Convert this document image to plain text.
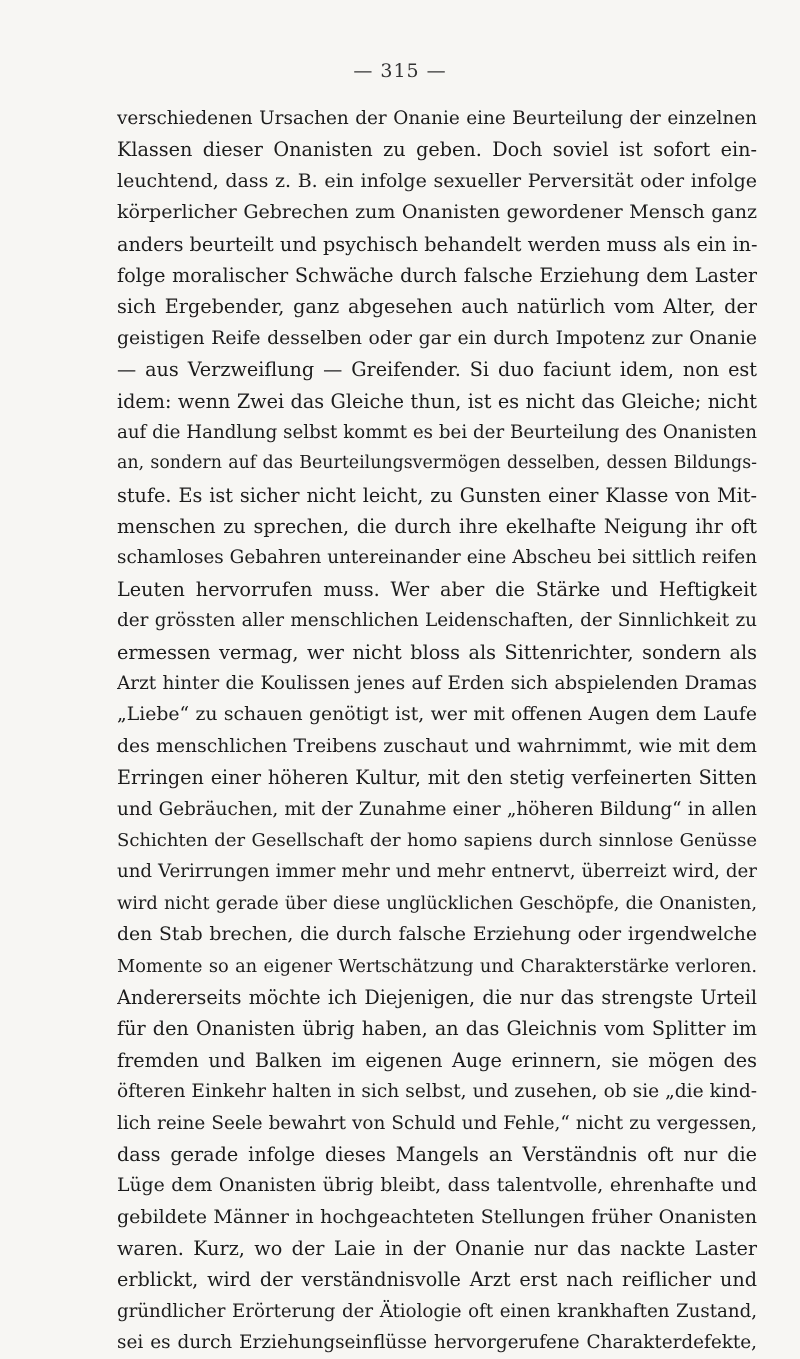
— 315 —
verschiedenen Ursachen der Onanie eine Beurteilung der einzelnen
Klassen dieser Onanisten zu geben. Doch soviel ist sofort ein-
leuchtend, dass z. B. ein infolge sexueller Perversität oder infolge
körperlicher Gebrechen zum Onanisten gewordener Mensch ganz
anders beurteilt und psychisch behandelt werden muss als ein in-
folge moralischer Schwäche durch falsche Erziehung dem Laster
sich Ergebender, ganz abgesehen auch natürlich vom Alter, der
geistigen Reife desselben oder gar ein durch Impotenz zur Onanie
— aus Verzweiflung — Greifender. Si duo faciunt idem, non est
idem: wenn Zwei das Gleiche thun, ist es nicht das Gleiche; nicht
auf die Handlung selbst kommt es bei der Beurteilung des Onanisten
an, sondern auf das Beurteilungsvermögen desselben, dessen Bildungs-
stufe. Es ist sicher nicht leicht, zu Gunsten einer Klasse von Mit-
menschen zu sprechen, die durch ihre ekelhafte Neigung ihr oft
schamloses Gebahren untereinander eine Abscheu bei sittlich reifen
Leuten hervorrufen muss. Wer aber die Stärke und Heftigkeit
der grössten aller menschlichen Leidenschaften, der Sinnlichkeit zu
ermessen vermag, wer nicht bloss als Sittenrichter, sondern als
Arzt hinter die Koulissen jenes auf Erden sich abspielenden Dramas
„Liebe“ zu schauen genötigt ist, wer mit offenen Augen dem Laufe
des menschlichen Treibens zuschaut und wahrnimmt, wie mit dem
Erringen einer höheren Kultur, mit den stetig verfeinerten Sitten
und Gebräuchen, mit der Zunahme einer „höheren Bildung“ in allen
Schichten der Gesellschaft der homo sapiens durch sinnlose Genüsse
und Verirrungen immer mehr und mehr entnervt, überreizt wird, der
wird nicht gerade über diese unglücklichen Geschöpfe, die Onanisten,
den Stab brechen, die durch falsche Erziehung oder irgendwelche
Momente so an eigener Wertschätzung und Charakterstärke verloren.
Andererseits möchte ich Diejenigen, die nur das strengste Urteil
für den Onanisten übrig haben, an das Gleichnis vom Splitter im
fremden und Balken im eigenen Auge erinnern, sie mögen des
öfteren Einkehr halten in sich selbst, und zusehen, ob sie „die kind-
lich reine Seele bewahrt von Schuld und Fehle,“ nicht zu vergessen,
dass gerade infolge dieses Mangels an Verständnis oft nur die
Lüge dem Onanisten übrig bleibt, dass talentvolle, ehrenhafte und
gebildete Männer in hochgeachteten Stellungen früher Onanisten
waren. Kurz, wo der Laie in der Onanie nur das nackte Laster
erblickt, wird der verständnisvolle Arzt erst nach reiflicher und
gründlicher Erörterung der Ätiologie oft einen krankhaften Zustand,
sei es durch Erziehungseinflüsse hervorgerufene Charakterdefekte,
